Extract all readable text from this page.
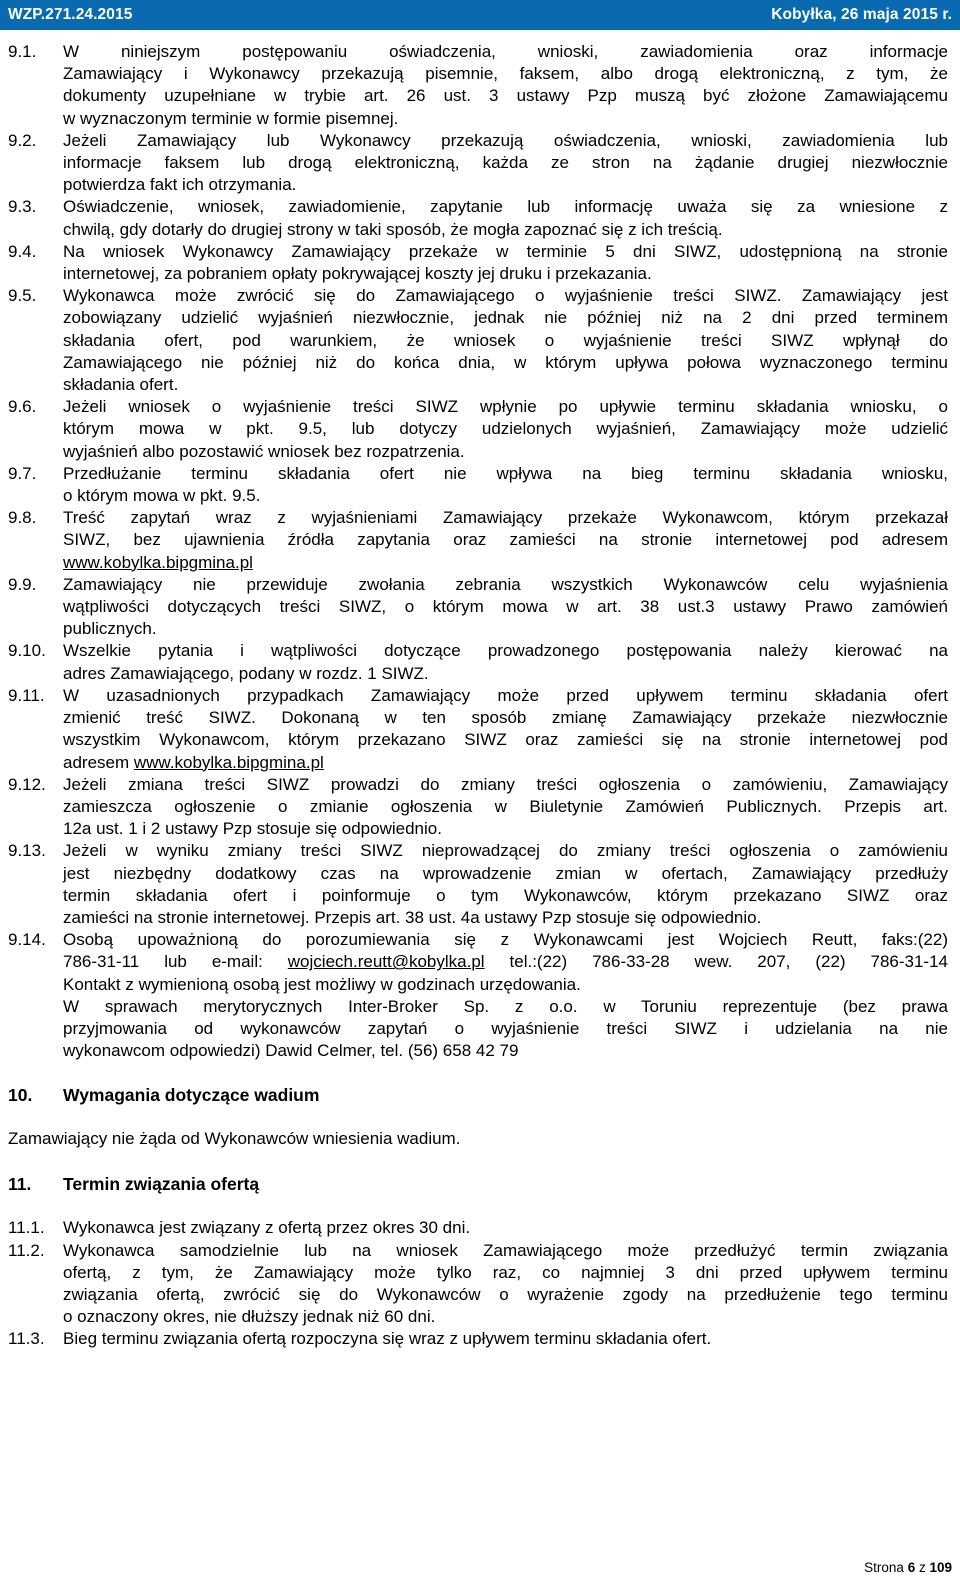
WZP.271.24.2015	Kobyłka, 26 maja 2015 r.
9.1.	W niniejszym postępowaniu oświadczenia, wnioski, zawiadomienia oraz informacje
Zamawiający i Wykonawcy przekazują pisemnie, faksem, albo drogą elektroniczną, z tym, że
dokumenty uzupełniane w trybie art. 26 ust. 3 ustawy Pzp muszą być złożone Zamawiającemu
w wyznaczonym terminie w formie pisemnej.
9.2.	Jeżeli Zamawiający lub Wykonawcy przekazują oświadczenia, wnioski, zawiadomienia lub
informacje faksem lub drogą elektroniczną, każda ze stron na żądanie drugiej niezwłocznie
potwierdza fakt ich otrzymania.
9.3.	Oświadczenie, wniosek, zawiadomienie, zapytanie lub informację uważa się za wniesione z
chwilą, gdy dotarły do drugiej strony w taki sposób, że mogła zapoznać się z ich treścią.
9.4.	Na wniosek Wykonawcy Zamawiający przekaże w terminie 5 dni SIWZ, udostępnioną na stronie
internetowej, za pobraniem opłaty pokrywającej koszty jej druku i przekazania.
9.5.	Wykonawca może zwrócić się do Zamawiającego o wyjaśnienie treści SIWZ. Zamawiający jest
zobowiązany udzielić wyjaśnień niezwłocznie, jednak nie później niż na 2 dni przed terminem
składania ofert, pod warunkiem, że wniosek o wyjaśnienie treści SIWZ wpłynął do
Zamawiającego nie później niż do końca dnia, w którym upływa połowa wyznaczonego terminu
składania ofert.
9.6.	Jeżeli wniosek o wyjaśnienie treści SIWZ wpłynie po upływie terminu składania wniosku, o
którym mowa w pkt. 9.5, lub dotyczy udzielonych wyjaśnień, Zamawiający może udzielić
wyjaśnień albo pozostawić wniosek bez rozpatrzenia.
9.7.	Przedłużanie terminu składania ofert nie wpływa na bieg terminu składania wniosku,
o którym mowa w pkt. 9.5.
9.8.	Treść zapytań wraz z wyjaśnieniami Zamawiający przekaże Wykonawcom, którym przekazał
SIWZ, bez ujawnienia źródła zapytania oraz zamieści na stronie internetowej pod adresem
www.kobylka.bipgmina.pl
9.9.	Zamawiający nie przewiduje zwołania zebrania wszystkich Wykonawców celu wyjaśnienia
wątpliwości dotyczących treści SIWZ, o którym mowa w art. 38 ust.3 ustawy Prawo zamówień
publicznych.
9.10.	Wszelkie pytania i wątpliwości dotyczące prowadzonego postępowania należy kierować na
adres Zamawiającego, podany w rozdz. 1 SIWZ.
9.11.	W uzasadnionych przypadkach Zamawiający może przed upływem terminu składania ofert
zmienić treść SIWZ. Dokonaną w ten sposób zmianę Zamawiający przekaże niezwłocznie
wszystkim Wykonawcom, którym przekazano SIWZ oraz zamieści się na stronie internetowej pod
adresem www.kobylka.bipgmina.pl
9.12.	Jeżeli zmiana treści SIWZ prowadzi do zmiany treści ogłoszenia o zamówieniu, Zamawiający
zamieszcza ogłoszenie o zmianie ogłoszenia w Biuletynie Zamówień Publicznych. Przepis art.
12a ust. 1 i 2 ustawy Pzp stosuje się odpowiednio.
9.13.	Jeżeli w wyniku zmiany treści SIWZ nieprowadzącej do zmiany treści ogłoszenia o zamówieniu
jest niezbędny dodatkowy czas na wprowadzenie zmian w ofertach, Zamawiający przedłuży
termin składania ofert i poinformuje o tym Wykonawców, którym przekazano SIWZ oraz
zamieści na stronie internetowej. Przepis art. 38 ust. 4a ustawy Pzp stosuje się odpowiednio.
9.14.	Osobą upoważnioną do porozumiewania się z Wykonawcami jest Wojciech Reutt, faks:(22)
786-31-11 lub e-mail: wojciech.reutt@kobylka.pl tel.:(22) 786-33-28 wew. 207, (22) 786-31-14
Kontakt z wymienioną osobą jest możliwy w godzinach urzędowania.
W sprawach merytorycznych Inter-Broker Sp. z o.o. w Toruniu reprezentuje (bez prawa
przyjmowania od wykonawców zapytań o wyjaśnienie treści SIWZ i udzielania na nie
wykonawcom odpowiedzi) Dawid Celmer, tel. (56) 658 42 79
10.	Wymagania dotyczące wadium
Zamawiający nie żąda od Wykonawców wniesienia wadium.
11.	Termin związania ofertą
11.1.	Wykonawca jest związany z ofertą przez okres 30 dni.
11.2.	Wykonawca samodzielnie lub na wniosek Zamawiającego może przedłużyć termin związania
ofertą, z tym, że Zamawiający może tylko raz, co najmniej 3 dni przed upływem terminu
związania ofertą, zwrócić się do Wykonawców o wyrażenie zgody na przedłużenie tego terminu
o oznaczony okres, nie dłuższy jednak niż 60 dni.
11.3.	Bieg terminu związania ofertą rozpoczyna się wraz z upływem terminu składania ofert.
Strona 6 z 109
